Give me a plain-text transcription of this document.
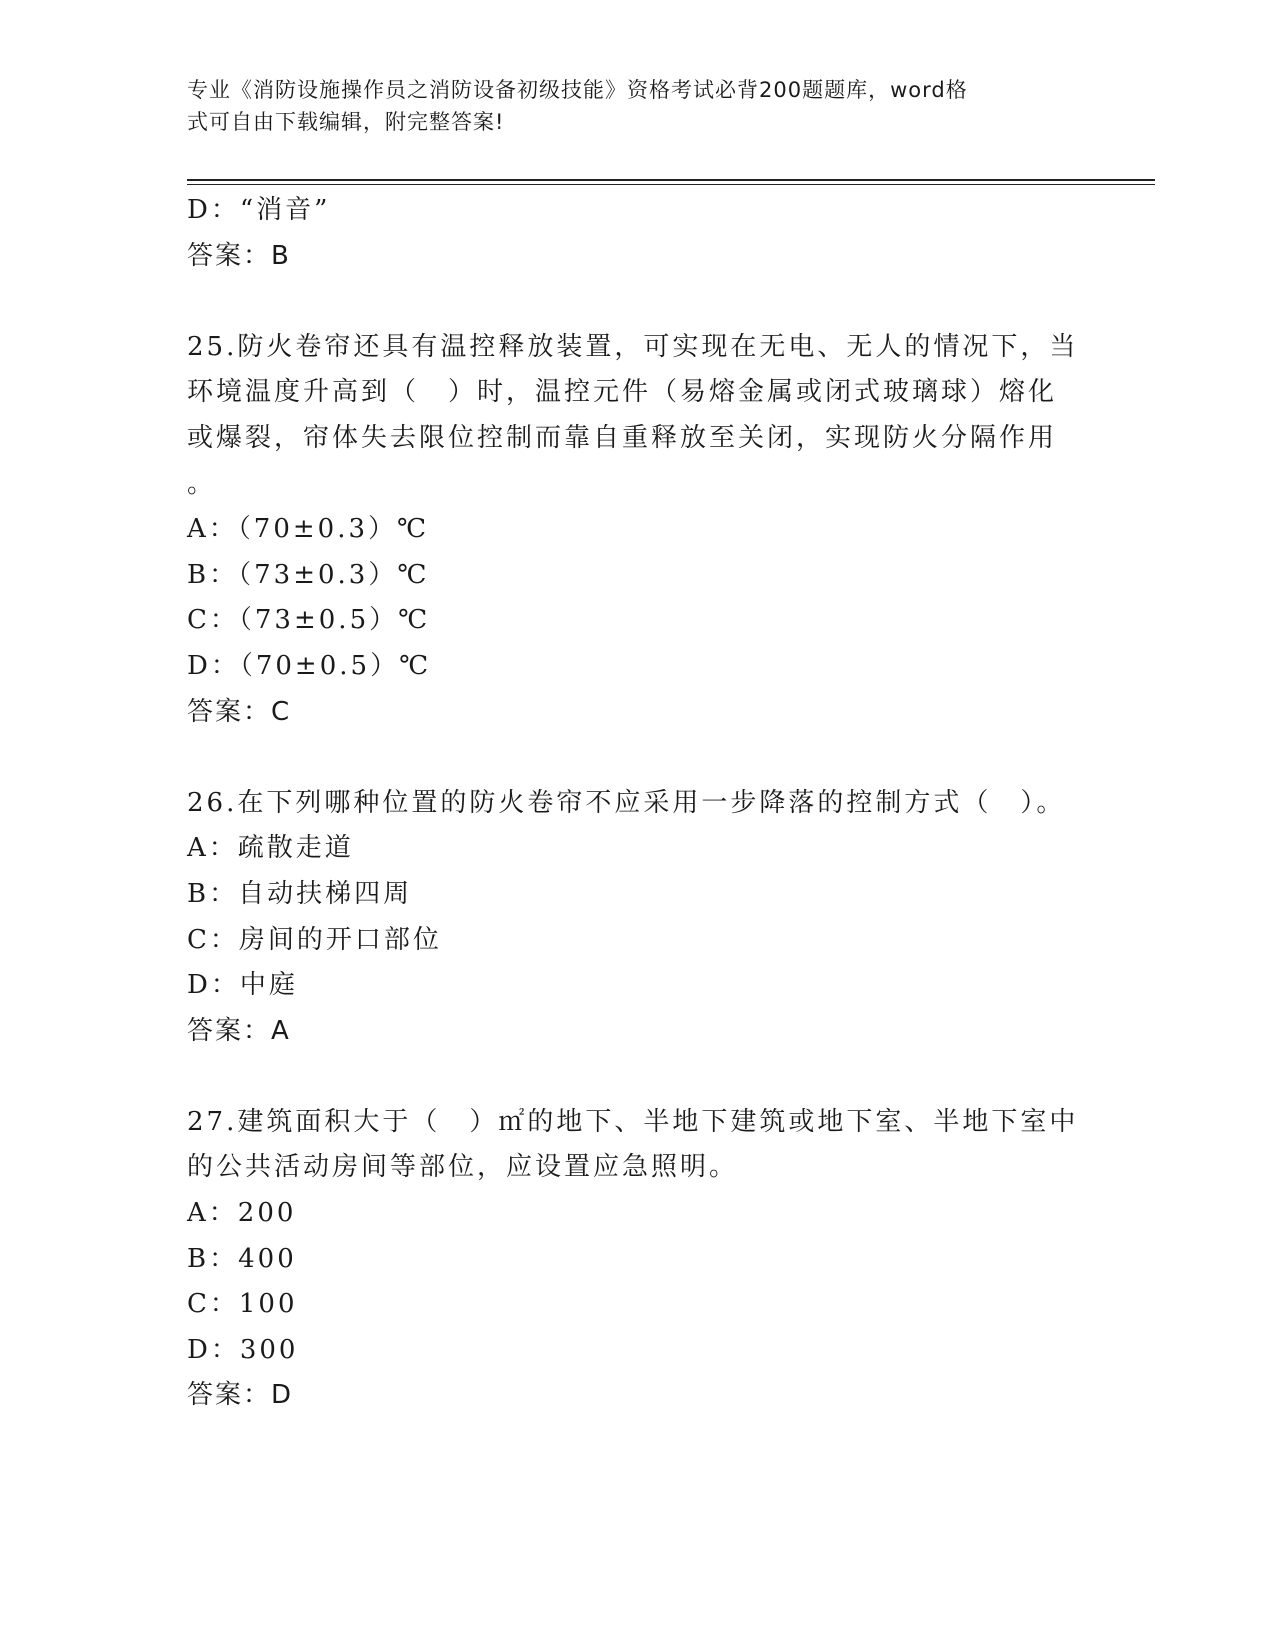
专业《消防设施操作员之消防设备初级技能》资格考试必背200题题库，word格
式可自由下载编辑，附完整答案!
D：“消音”
答案：B
25.防火卷帘还具有温控释放装置，可实现在无电、无人的情况下，当
环境温度升高到（　）时，温控元件（易熔金属或闭式玻璃球）熔化
或爆裂，帘体失去限位控制而靠自重释放至关闭，实现防火分隔作用
。
A：（70±0.3）℃
B：（73±0.3）℃
C：（73±0.5）℃
D：（70±0.5）℃
答案：C
26.在下列哪种位置的防火卷帘不应采用一步降落的控制方式（　）。
A：疏散走道
B：自动扶梯四周
C：房间的开口部位
D：中庭
答案：A
27.建筑面积大于（　）㎡的地下、半地下建筑或地下室、半地下室中
的公共活动房间等部位，应设置应急照明。
A：200
B：400
C：100
D：300
答案：D
